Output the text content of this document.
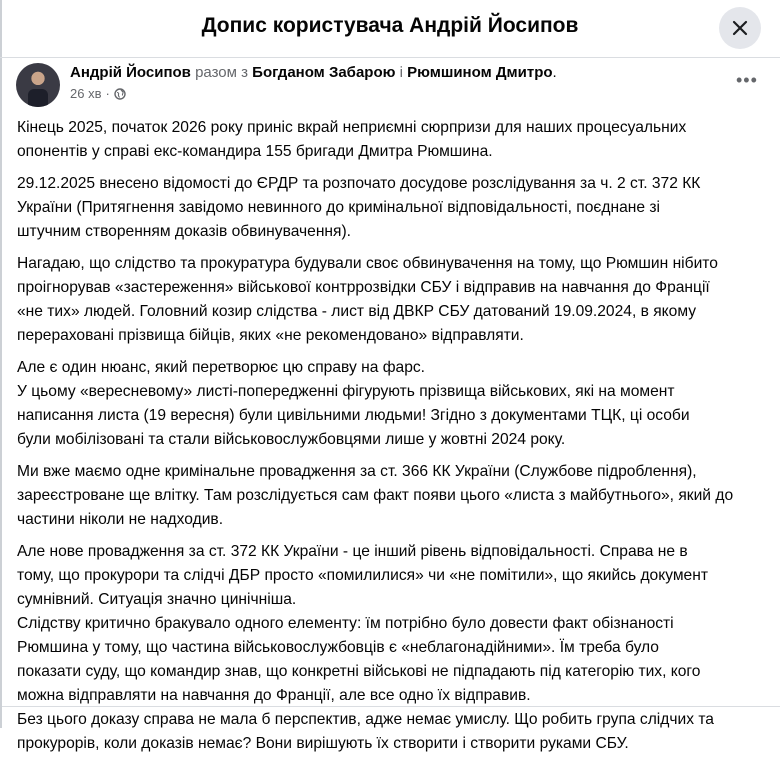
Допис користувача Андрій Йосипов
Андрій Йосипов разом з Богданом Забарою і Рюмшином Дмитро.
26 хв ·
•••
Кінець 2025, початок 2026 року приніс вкрай неприємні сюрпризи для наших процесуальних
опонентів у справі екс-командира 155 бригади Дмитра Рюмшина.
29.12.2025 внесено відомості до ЄРДР та розпочато досудове розслідування за ч. 2 ст. 372 КК
України (Притягнення завідомо невинного до кримінальної відповідальності, поєднане зі
штучним створенням доказів обвинувачення).
Нагадаю, що слідство та прокуратура будували своє обвинувачення на тому, що Рюмшин нібито
проігнорував «застереження» військової контррозвідки СБУ і відправив на навчання до Франції
«не тих» людей. Головний козир слідства - лист від ДВКР СБУ датований 19.09.2024, в якому
перераховані прізвища бійців, яких «не рекомендовано» відправляти.
Але є один нюанс, який перетворює цю справу на фарс.
У цьому «вересневому» листі-попередженні фігурують прізвища військових, які на момент
написання листа (19 вересня) були цивільними людьми! Згідно з документами ТЦК, ці особи
були мобілізовані та стали військовослужбовцями лише у жовтні 2024 року.
Ми вже маємо одне кримінальне провадження за ст. 366 КК України (Службове підроблення),
зареєстроване ще влітку. Там розслідується сам факт появи цього «листа з майбутнього», який до
частини ніколи не надходив.
Але нове провадження за ст. 372 КК України - це інший рівень відповідальності. Справа не в
тому, що прокурори та слідчі ДБР просто «помилилися» чи «не помітили», що якийсь документ
сумнівний. Ситуація значно цинічніша.
Слідству критично бракувало одного елементу: їм потрібно було довести факт обізнаності
Рюмшина у тому, що частина військовослужбовців є «неблагонадійними». Їм треба було
показати суду, що командир знав, що конкретні військові не підпадають під категорію тих, кого
можна відправляти на навчання до Франції, але все одно їх відправив.
Без цього доказу справа не мала б перспектив, адже немає умислу. Що робить група слідчих та
прокурорів, коли доказів немає? Вони вирішують їх створити і створити руками СБУ.
